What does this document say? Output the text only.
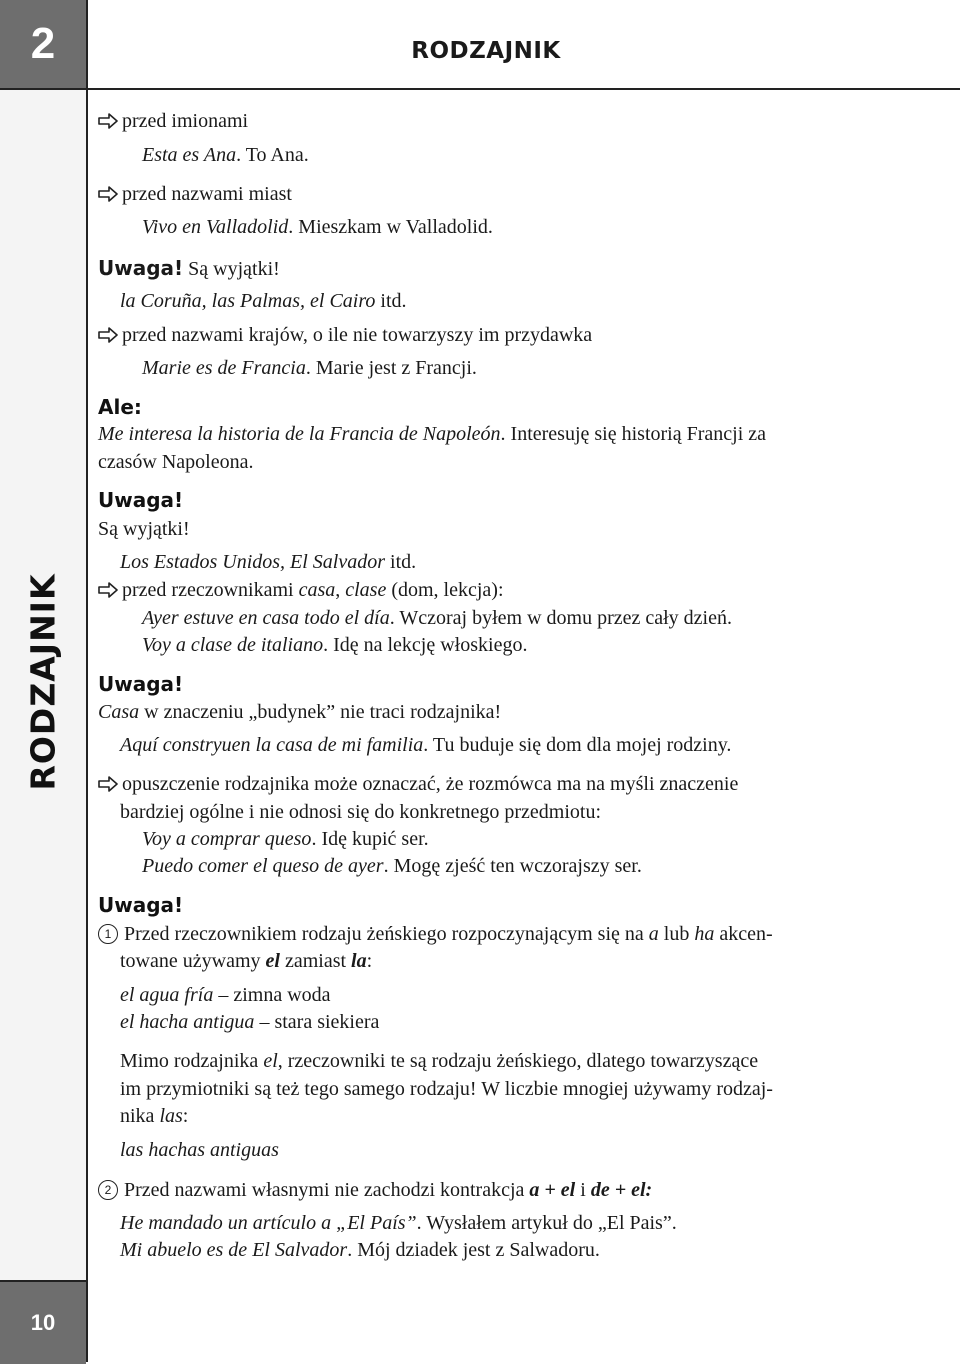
2
RODZAJNIK
10
RODZAJNIK
przed imionami
Esta es Ana. To Ana.
przed nazwami miast
Vivo en Valladolid. Mieszkam w Valladolid.
Uwaga! Są wyjątki!
la Coruña, las Palmas, el Cairo itd.
przed nazwami krajów, o ile nie towarzyszy im przydawka
Marie es de Francia. Marie jest z Francji.
Ale:
Me interesa la historia de la Francia de Napoleón. Interesuję się historią Francji za
czasów Napoleona.
Uwaga!
Są wyjątki!
Los Estados Unidos, El Salvador itd.
przed rzeczownikami casa, clase (dom, lekcja):
Ayer estuve en casa todo el día. Wczoraj byłem w domu przez cały dzień.
Voy a clase de italiano. Idę na lekcję włoskiego.
Uwaga!
Casa w znaczeniu „budynek” nie traci rodzajnika!
Aquí constryuen la casa de mi familia. Tu buduje się dom dla mojej rodziny.
opuszczenie rodzajnika może oznaczać, że rozmówca ma na myśli znaczenie
bardziej ogólne i nie odnosi się do konkretnego przedmiotu:
Voy a comprar queso. Idę kupić ser.
Puedo comer el queso de ayer. Mogę zjeść ten wczorajszy ser.
Uwaga!
1 Przed rzeczownikiem rodzaju żeńskiego rozpoczynającym się na a lub ha akcen-
towane używamy el zamiast la:
el agua fría – zimna woda
el hacha antigua – stara siekiera
Mimo rodzajnika el, rzeczowniki te są rodzaju żeńskiego, dlatego towarzyszące
im przymiotniki są też tego samego rodzaju! W liczbie mnogiej używamy rodzaj-
nika las:
las hachas antiguas
2 Przed nazwami własnymi nie zachodzi kontrakcja a + el i de + el:
He mandado un artículo a „El País”. Wysłałem artykuł do „El Pais”.
Mi abuelo es de El Salvador. Mój dziadek jest z Salwadoru.
